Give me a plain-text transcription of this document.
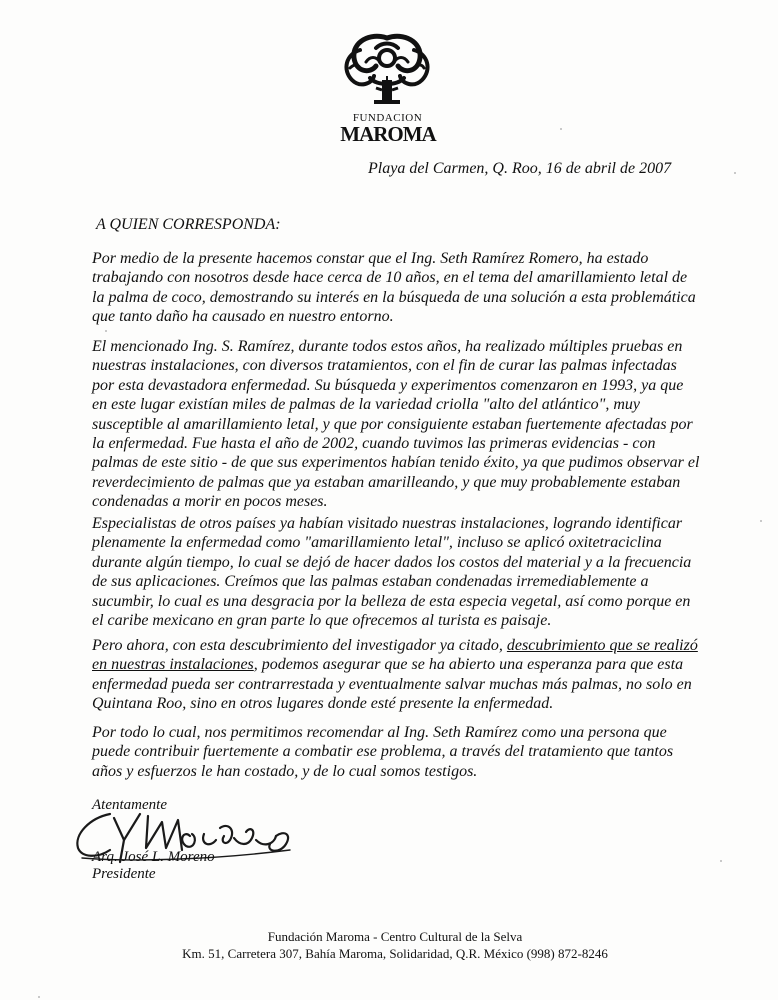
FUNDACION
MAROMA
Playa del Carmen, Q. Roo, 16 de abril de 2007
A QUIEN CORRESPONDA:
Por medio de la presente hacemos constar que el Ing. Seth Ramírez Romero, ha estado trabajando con nosotros desde hace cerca de 10 años, en el tema del amarillamiento letal de la palma de coco, demostrando su interés en la búsqueda de una solución a esta problemática que tanto daño ha causado en nuestro entorno.
El mencionado Ing. S. Ramírez, durante todos estos años, ha realizado múltiples pruebas en nuestras instalaciones, con diversos tratamientos, con el fin de curar las palmas infectadas por esta devastadora enfermedad. Su búsqueda y experimentos comenzaron en 1993, ya que en este lugar existían miles de palmas de la variedad criolla "alto del atlántico", muy susceptible al amarillamiento letal, y que por consiguiente estaban fuertemente afectadas por la enfermedad. Fue hasta el año de 2002, cuando tuvimos las primeras evidencias - con palmas de este sitio - de que sus experimentos habían tenido éxito, ya que pudimos observar el reverdecimiento de palmas que ya estaban amarilleando, y que muy probablemente estaban condenadas a morir en pocos meses.
Especialistas de otros países ya habían visitado nuestras instalaciones, logrando identificar plenamente la enfermedad como "amarillamiento letal", incluso se aplicó oxitetraciclina durante algún tiempo, lo cual se dejó de hacer dados los costos del material y a la frecuencia de sus aplicaciones. Creímos que las palmas estaban condenadas irremediablemente a sucumbir, lo cual es una desgracia por la belleza de esta especia vegetal, así como porque en el caribe mexicano en gran parte lo que ofrecemos al turista es paisaje.
Pero ahora, con esta descubrimiento del investigador ya citado, descubrimiento que se realizó en nuestras instalaciones, podemos asegurar que se ha abierto una esperanza para que esta enfermedad pueda ser contrarrestada y eventualmente salvar muchas más palmas, no solo en Quintana Roo, sino en otros lugares donde esté presente la enfermedad.
Por todo lo cual, nos permitimos recomendar al Ing. Seth Ramírez como una persona que puede contribuir fuertemente a combatir ese problema, a través del tratamiento que tantos años y esfuerzos le han costado, y de lo cual somos testigos.
Atentamente
Arq. José L. Moreno
Presidente
Fundación Maroma - Centro Cultural de la Selva
Km. 51, Carretera 307, Bahía Maroma, Solidaridad, Q.R. México (998) 872-8246
